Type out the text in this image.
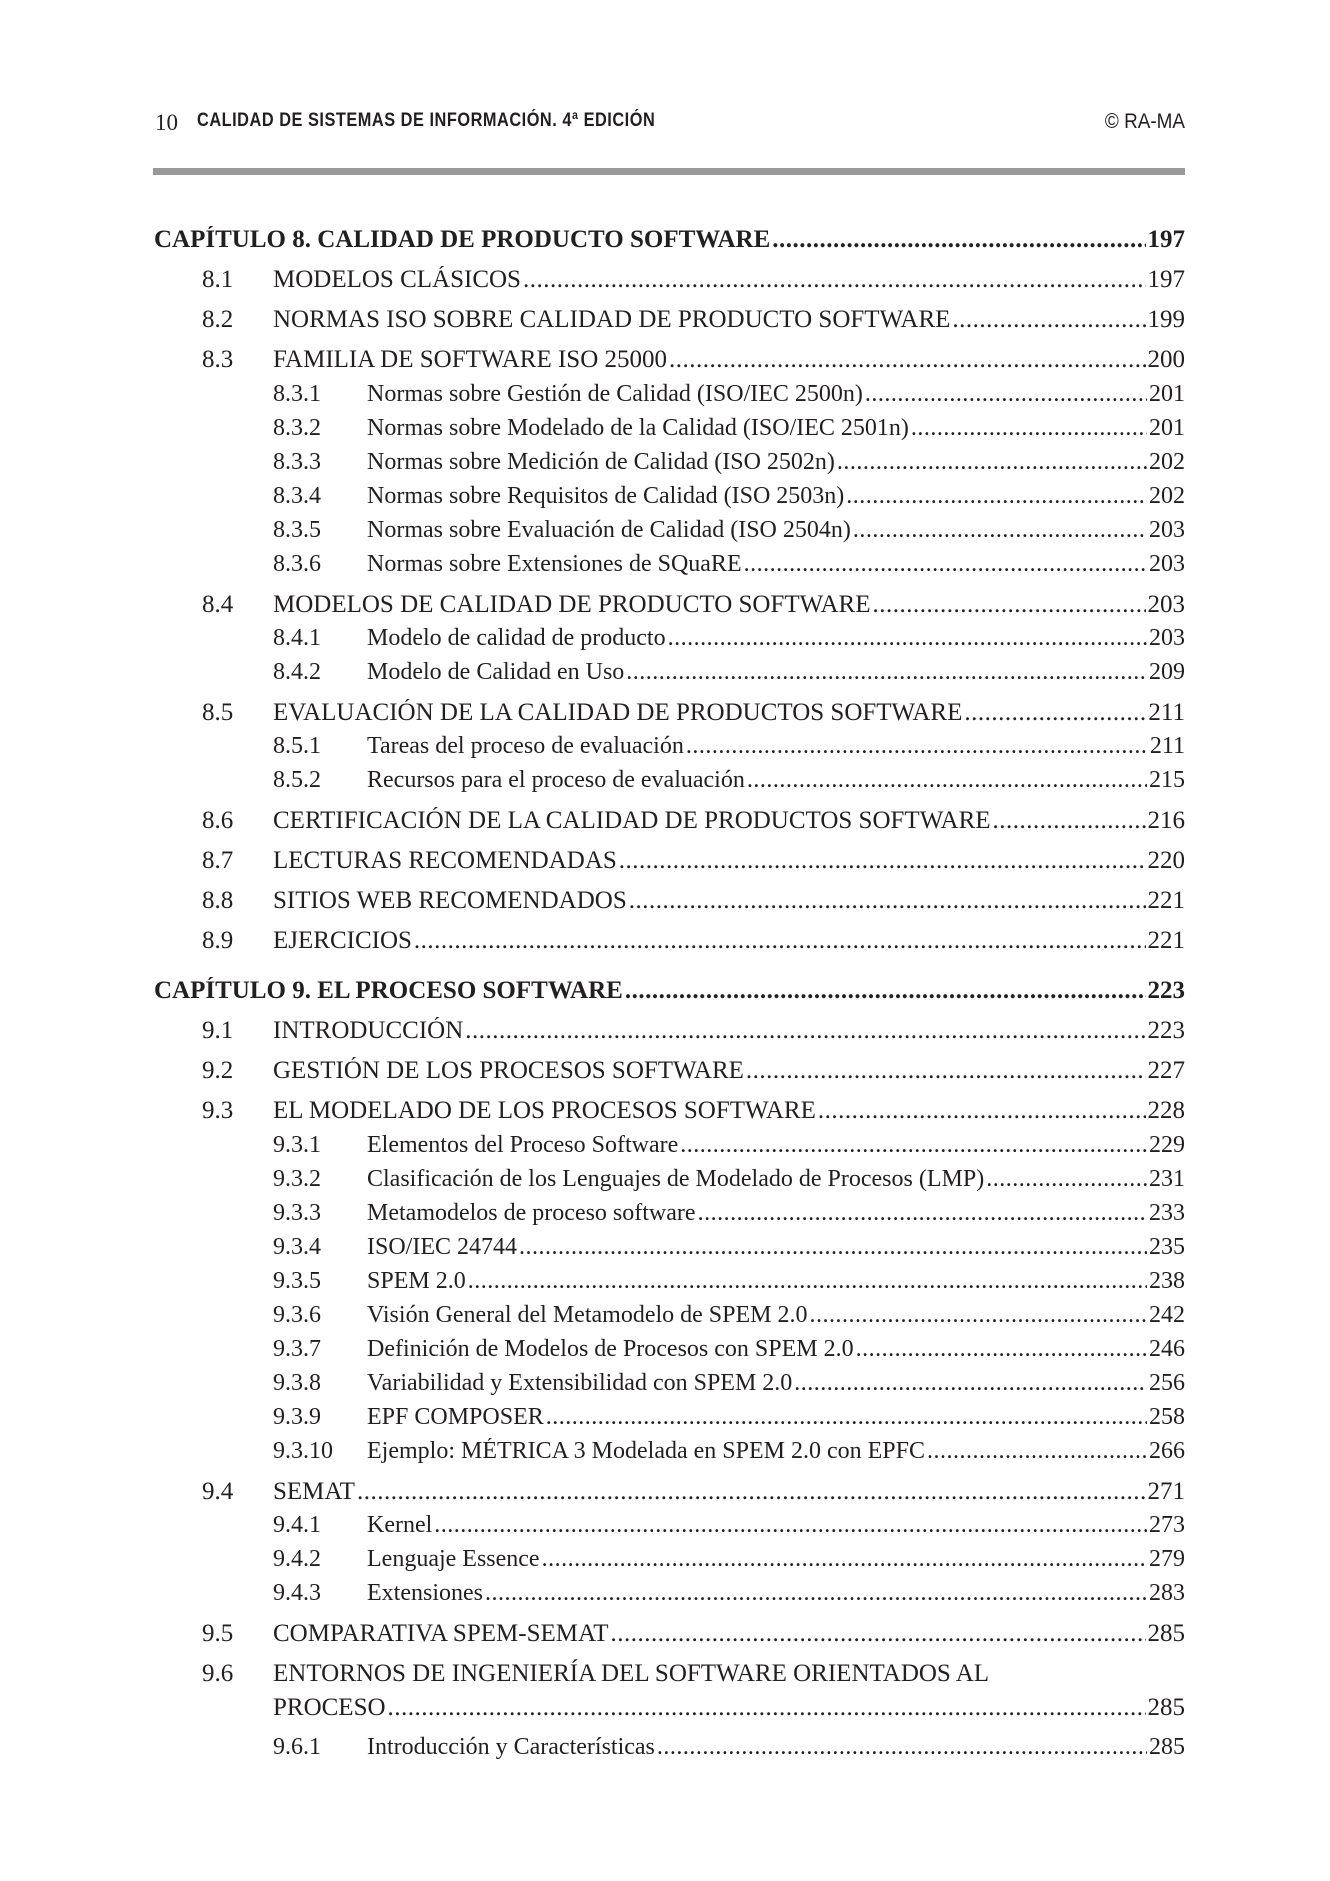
10 CALIDAD DE SISTEMAS DE INFORMACIÓN. 4ª EDICIÓN	© RA-MA
CAPÍTULO 8. CALIDAD DE PRODUCTO SOFTWARE .....	197
8.1 MODELOS CLÁSICOS .....	197
8.2 NORMAS ISO SOBRE CALIDAD DE PRODUCTO SOFTWARE .....	199
8.3 FAMILIA DE SOFTWARE ISO 25000 .....	200
8.3.1 Normas sobre Gestión de Calidad (ISO/IEC 2500n) .....	201
8.3.2 Normas sobre Modelado de la Calidad (ISO/IEC 2501n) .....	201
8.3.3 Normas sobre Medición de Calidad (ISO 2502n) .....	202
8.3.4 Normas sobre Requisitos de Calidad (ISO 2503n) .....	202
8.3.5 Normas sobre Evaluación de Calidad (ISO 2504n) .....	203
8.3.6 Normas sobre Extensiones de SQuaRE .....	203
8.4 MODELOS DE CALIDAD DE PRODUCTO SOFTWARE .....	203
8.4.1 Modelo de calidad de producto .....	203
8.4.2 Modelo de Calidad en Uso .....	209
8.5 EVALUACIÓN DE LA CALIDAD DE PRODUCTOS SOFTWARE .....	211
8.5.1 Tareas del proceso de evaluación .....	211
8.5.2 Recursos para el proceso de evaluación .....	215
8.6 CERTIFICACIÓN DE LA CALIDAD DE PRODUCTOS SOFTWARE .....	216
8.7 LECTURAS RECOMENDADAS .....	220
8.8 SITIOS WEB RECOMENDADOS .....	221
8.9 EJERCICIOS .....	221
CAPÍTULO 9. EL PROCESO SOFTWARE .....	223
9.1 INTRODUCCIÓN .....	223
9.2 GESTIÓN DE LOS PROCESOS SOFTWARE .....	227
9.3 EL MODELADO DE LOS PROCESOS SOFTWARE .....	228
9.3.1 Elementos del Proceso Software .....	229
9.3.2 Clasificación de los Lenguajes de Modelado de Procesos (LMP) .....	231
9.3.3 Metamodelos de proceso software .....	233
9.3.4 ISO/IEC 24744 .....	235
9.3.5 SPEM 2.0 .....	238
9.3.6 Visión General del Metamodelo de SPEM 2.0 .....	242
9.3.7 Definición de Modelos de Procesos con SPEM 2.0 .....	246
9.3.8 Variabilidad y Extensibilidad con SPEM 2.0 .....	256
9.3.9 EPF COMPOSER .....	258
9.3.10 Ejemplo: MÉTRICA 3 Modelada en SPEM 2.0 con EPFC .....	266
9.4 SEMAT .....	271
9.4.1 Kernel .....	273
9.4.2 Lenguaje Essence .....	279
9.4.3 Extensiones .....	283
9.5 COMPARATIVA SPEM-SEMAT .....	285
9.6 ENTORNOS DE INGENIERÍA DEL SOFTWARE ORIENTADOS AL
PROCESO .....	285
9.6.1 Introducción y Características .....	285
